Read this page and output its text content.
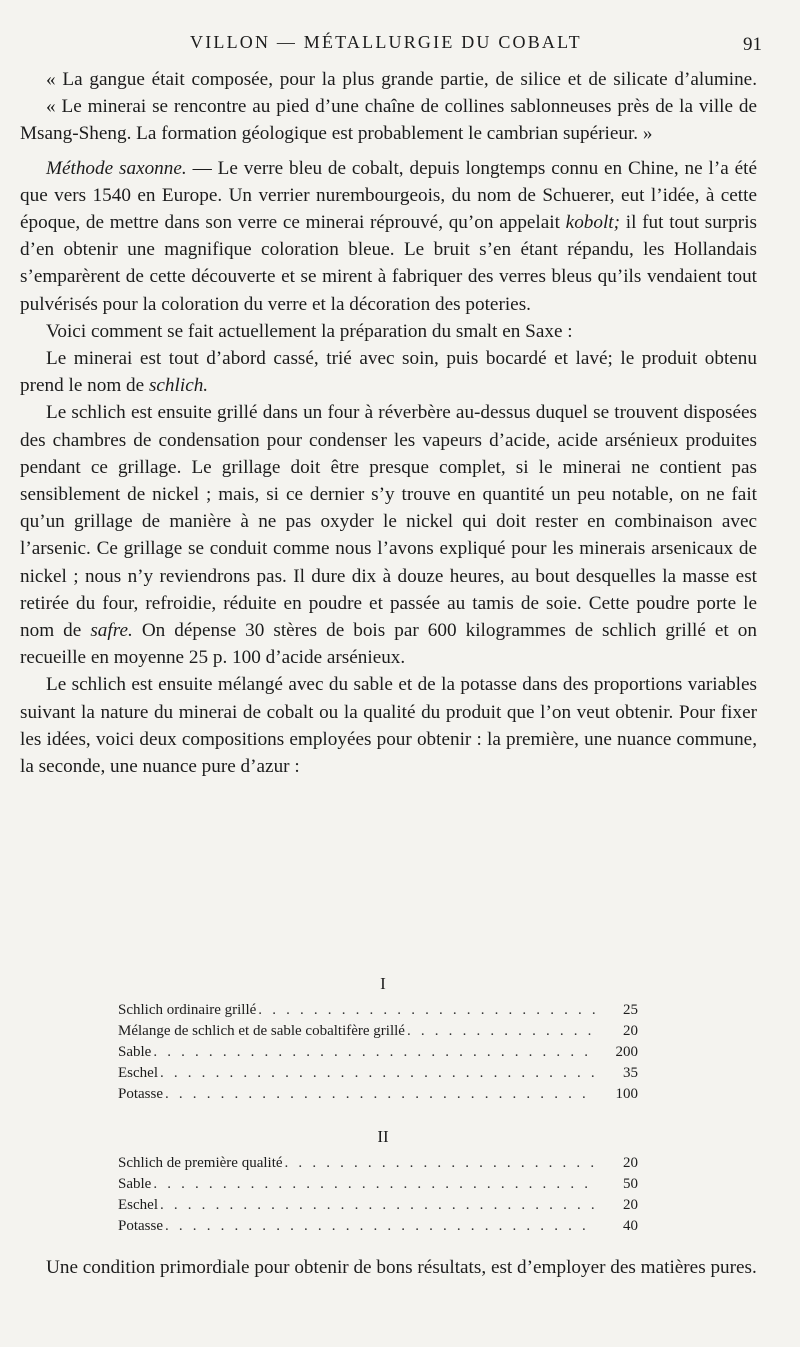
VILLON — MÉTALLURGIE DU COBALT	91

« La gangue était composée, pour la plus grande partie, de silice et de silicate d’alumine.

« Le minerai se rencontre au pied d’une chaîne de collines sablonneuses près de la ville de Msang-Sheng. La formation géologique est probablement le cambrian supérieur. »

Méthode saxonne. — Le verre bleu de cobalt, depuis longtemps connu en Chine, ne l’a été que vers 1540 en Europe. Un verrier nurembourgeois, du nom de Schuerer, eut l’idée, à cette époque, de mettre dans son verre ce minerai réprouvé, qu’on appelait kobolt; il fut tout surpris d’en obtenir une magnifique coloration bleue. Le bruit s’en étant répandu, les Hollandais s’emparèrent de cette découverte et se mirent à fabriquer des verres bleus qu’ils vendaient tout pulvérisés pour la coloration du verre et la décoration des poteries.

Voici comment se fait actuellement la préparation du smalt en Saxe :

Le minerai est tout d’abord cassé, trié avec soin, puis bocardé et lavé; le produit obtenu prend le nom de schlich.

Le schlich est ensuite grillé dans un four à réverbère au-dessus duquel se trouvent disposées des chambres de condensation pour condenser les vapeurs d’acide, acide arsénieux produites pendant ce grillage. Le grillage doit être presque complet, si le minerai ne contient pas sensiblement de nickel ; mais, si ce dernier s’y trouve en quantité un peu notable, on ne fait qu’un grillage de manière à ne pas oxyder le nickel qui doit rester en combinaison avec l’arsenic. Ce grillage se conduit comme nous l’avons expliqué pour les minerais arsenicaux de nickel ; nous n’y reviendrons pas. Il dure dix à douze heures, au bout desquelles la masse est retirée du four, refroidie, réduite en poudre et passée au tamis de soie. Cette poudre porte le nom de safre. On dépense 30 stères de bois par 600 kilogrammes de schlich grillé et on recueille en moyenne 25 p. 100 d’acide arsénieux.

Le schlich est ensuite mélangé avec du sable et de la potasse dans des proportions variables suivant la nature du minerai de cobalt ou la qualité du produit que l’on veut obtenir. Pour fixer les idées, voici deux compositions employées pour obtenir : la première, une nuance commune, la seconde, une nuance pure d’azur :

I
Schlich ordinaire grillé . . .	25
Mélange de schlich et de sable cobaltifère grillé . . .	20
Sable . . .	200
Eschel . . .	35
Potasse . . .	100
II
Schlich de première qualité . . .	20
Sable . . .	50
Eschel . . .	20
Potasse . . .	40

Une condition primordiale pour obtenir de bons résultats, est d’employer des matières pures.
